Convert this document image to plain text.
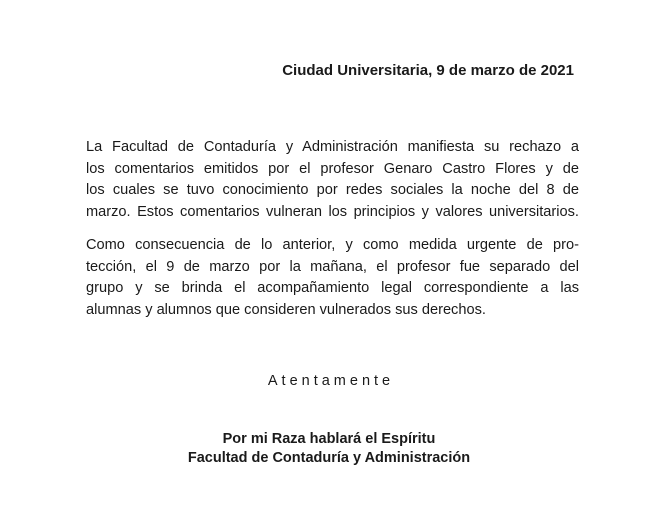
Ciudad Universitaria, 9 de marzo de 2021
La Facultad de Contaduría y Administración manifiesta su rechazo a
los comentarios emitidos por el profesor Genaro Castro Flores y de
los cuales se tuvo conocimiento por redes sociales la noche del 8 de
marzo. Estos comentarios vulneran los principios y valores universitarios.
Como consecuencia de lo anterior, y como medida urgente de pro-
tección, el 9 de marzo por la mañana, el profesor fue separado del
grupo y se brinda el acompañamiento legal correspondiente a las
alumnas y alumnos que consideren vulnerados sus derechos.
Atentamente
Por mi Raza hablará el Espíritu
Facultad de Contaduría y Administración
